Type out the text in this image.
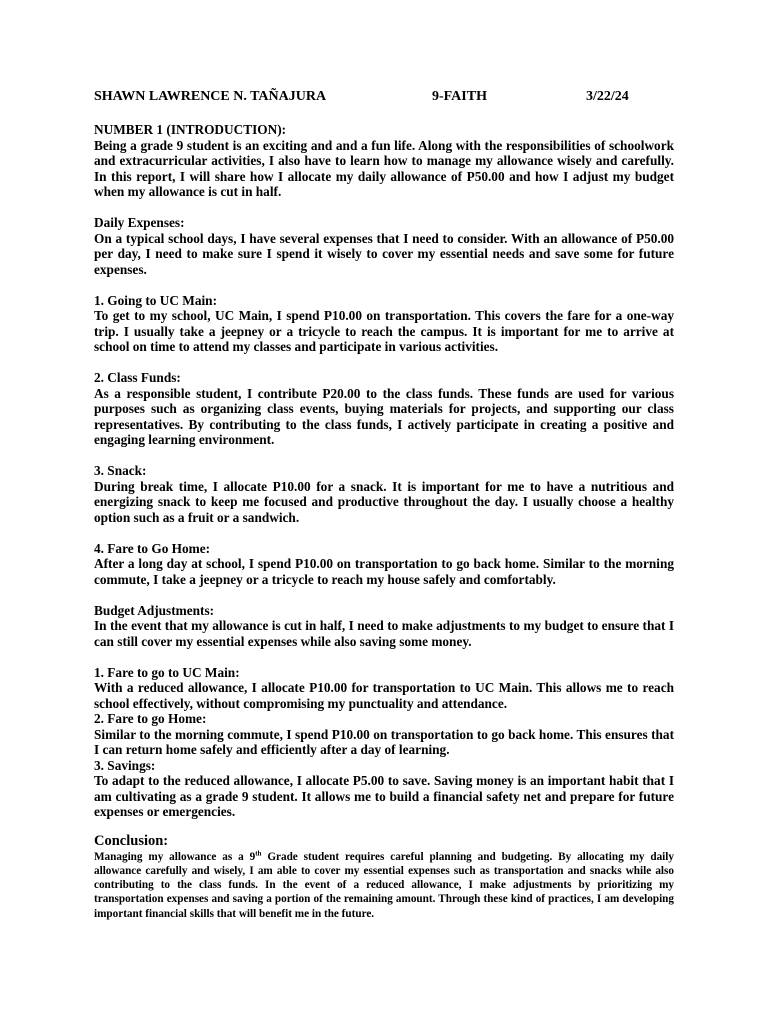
SHAWN LAWRENCE N. TAÑAJURA	9-FAITH	3/22/24

NUMBER 1 (INTRODUCTION):

Being a grade 9 student is an exciting and and a fun life. Along with the responsibilities of schoolwork and extracurricular activities, I also have to learn how to manage my allowance wisely and carefully. In this report, I will share how I allocate my daily allowance of P50.00 and how I adjust my budget when my allowance is cut in half.

Daily Expenses:

On a typical school days, I have several expenses that I need to consider. With an allowance of P50.00 per day, I need to make sure I spend it wisely to cover my essential needs and save some for future expenses.

1. Going to UC Main:

To get to my school, UC Main, I spend P10.00 on transportation. This covers the fare for a one-way trip. I usually take a jeepney or a tricycle to reach the campus. It is important for me to arrive at school on time to attend my classes and participate in various activities.

2. Class Funds:

As a responsible student, I contribute P20.00 to the class funds. These funds are used for various purposes such as organizing class events, buying materials for projects, and supporting our class representatives. By contributing to the class funds, I actively participate in creating a positive and engaging learning environment.

3. Snack:

During break time, I allocate P10.00 for a snack. It is important for me to have a nutritious and energizing snack to keep me focused and productive throughout the day. I usually choose a healthy option such as a fruit or a sandwich.

4. Fare to Go Home:

After a long day at school, I spend P10.00 on transportation to go back home. Similar to the morning commute, I take a jeepney or a tricycle to reach my house safely and comfortably.

Budget Adjustments:

In the event that my allowance is cut in half, I need to make adjustments to my budget to ensure that I can still cover my essential expenses while also saving some money.

1. Fare to go to UC Main:

With a reduced allowance, I allocate P10.00 for transportation to UC Main. This allows me to reach school effectively, without compromising my punctuality and attendance.

2. Fare to go Home:

Similar to the morning commute, I spend P10.00 on transportation to go back home. This ensures that I can return home safely and efficiently after a day of learning.

3. Savings:

To adapt to the reduced allowance, I allocate P5.00 to save. Saving money is an important habit that I am cultivating as a grade 9 student. It allows me to build a financial safety net and prepare for future expenses or emergencies.

Conclusion:

Managing my allowance as a 9th Grade student requires careful planning and budgeting. By allocating my daily allowance carefully and wisely, I am able to cover my essential expenses such as transportation and snacks while also contributing to the class funds. In the event of a reduced allowance, I make adjustments by prioritizing my transportation expenses and saving a portion of the remaining amount. Through these kind of practices, I am developing important financial skills that will benefit me in the future.
